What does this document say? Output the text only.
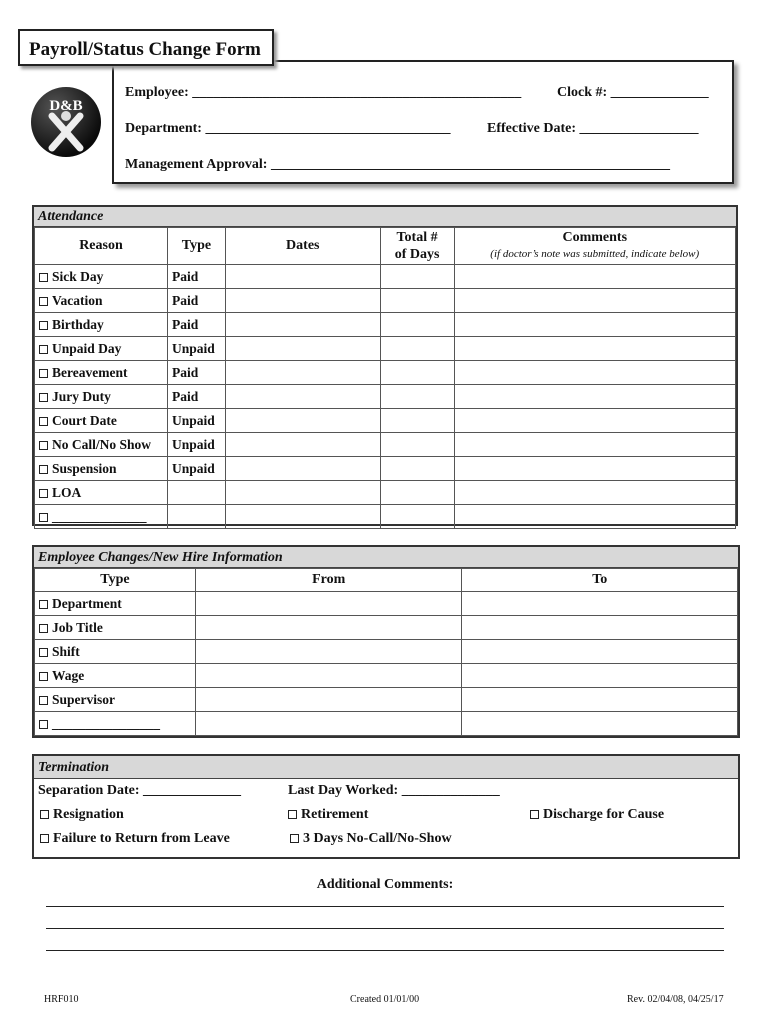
Employee: _______________________________________________	Clock #: ______________
Department: ___________________________________	Effective Date: _________________
Management Approval: _________________________________________________________
Payroll/Status Change Form
D&B
Attendance
Reason	Type	Dates	Total #
of Days	Comments
(if doctor’s note was submitted, indicate below)

Sick Day	Paid			
Vacation	Paid			
Birthday	Paid			
Unpaid Day	Unpaid			
Bereavement	Paid			
Jury Duty	Paid			
Court Date	Unpaid			
No Call/No Show	Unpaid			
Suspension	Unpaid			
LOA				
______________				
Employee Changes/New Hire Information
Type	From	To
Department		
Job Title		
Shift		
Wage		
Supervisor		
________________		
Termination
Separation Date: ______________	Last Day Worked: ______________
Resignation	Retirement	Discharge for Cause
Failure to Return from Leave	3 Days No-Call/No-Show
Additional Comments:
HRF010	Created 01/01/00	Rev. 02/04/08, 04/25/17
